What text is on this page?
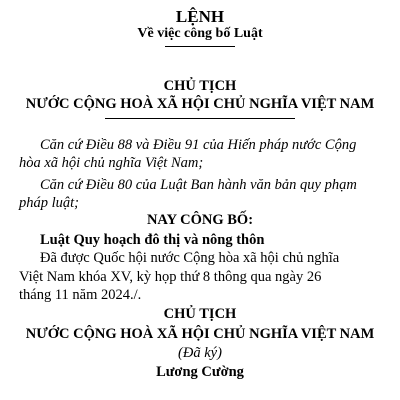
LỆNH
Về việc công bố Luật
CHỦ TỊCH
NƯỚC CỘNG HOÀ XÃ HỘI CHỦ NGHĨA VIỆT NAM
Căn cứ Điều 88 và Điều 91 của Hiến pháp nước Cộng
hòa xã hội chủ nghĩa Việt Nam;
Căn cứ Điều 80 của Luật Ban hành văn bản quy phạm
pháp luật;
NAY CÔNG BỐ:
Luật Quy hoạch đô thị và nông thôn
Đã được Quốc hội nước Cộng hòa xã hội chủ nghĩa
Việt Nam khóa XV, kỳ họp thứ 8 thông qua ngày 26
tháng 11 năm 2024./.
CHỦ TỊCH
NƯỚC CỘNG HOÀ XÃ HỘI CHỦ NGHĨA VIỆT NAM
(Đã ký)
Lương Cường
